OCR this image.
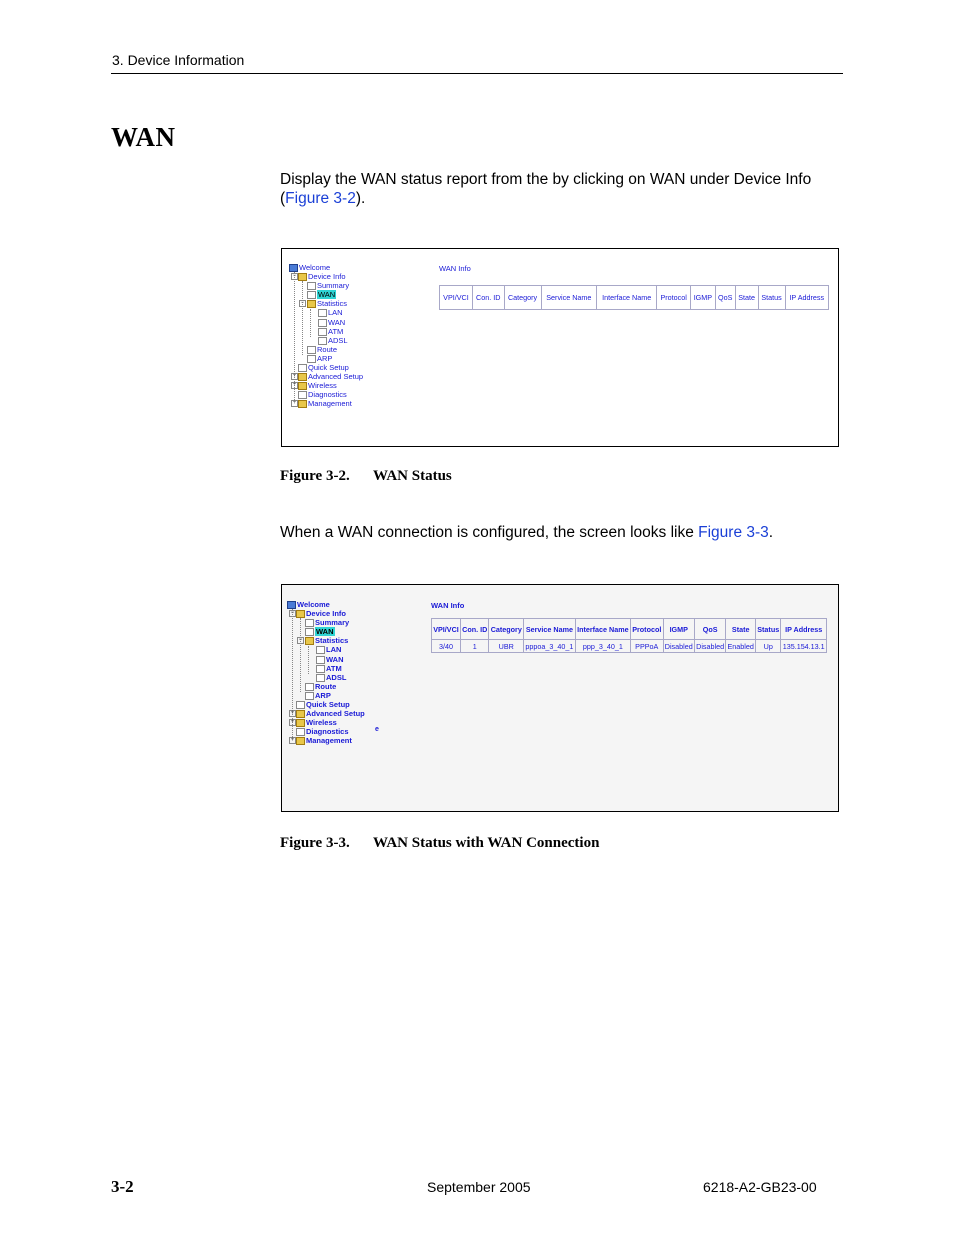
3. Device Information
WAN
Display the WAN status report from the by clicking on WAN under Device Info (Figure 3-2).
Welcome
− Device Info
Summary
WAN
− Statistics
LAN
WAN
ATM
ADSL
Route
ARP
Quick Setup
+ Advanced Setup
+ Wireless
Diagnostics
+ Management
WAN Info
VPI/VCI	Con. ID	Category	Service Name	Interface Name	Protocol	IGMP	QoS	State	Status	IP Address
Figure 3-2. WAN Status
When a WAN connection is configured, the screen looks like Figure 3-3.
Welcome
− Device Info
Summary
WAN
− Statistics
LAN
WAN
ATM
ADSL
Route
ARP
Quick Setup
+ Advanced Setup
+ Wireless
Diagnostics
+ Management
e
WAN Info
VPI/VCI	Con. ID	Category	Service Name	Interface Name	Protocol	IGMP	QoS	State	Status	IP Address
3/40	1	UBR	pppoa_3_40_1	ppp_3_40_1	PPPoA	Disabled	Disabled	Enabled	Up	135.154.13.1
Figure 3-3. WAN Status with WAN Connection
3-2	September 2005	6218-A2-GB23-00
